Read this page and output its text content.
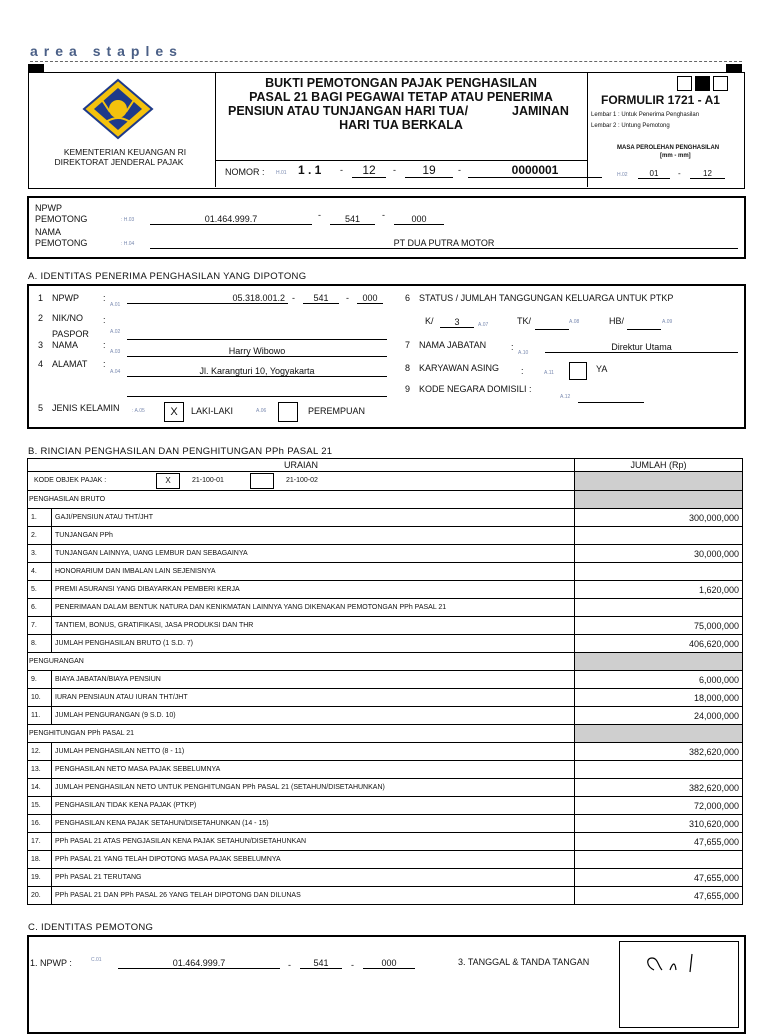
area staples
KEMENTERIAN KEUANGAN RI
DIREKTORAT JENDERAL PAJAK
BUKTI PEMOTONGAN PAJAK PENGHASILAN
PASAL 21 BAGI PEGAWAI TETAP ATAU PENERIMA
PENSIUN ATAU TUNJANGAN HARI TUA/	JAMINAN
HARI TUA BERKALA
NOMOR : H.01 1 . 1 -	12	-	19	-	0000001
FORMULIR 1721 - A1
Lembar 1 : Untuk Penerima Penghasilan
Lembar 2 : Untung Pemotong
MASA PEROLEHAN PENGHASILAN
[mm - mm]
H.02	01	-	12
NPWP
PEMOTONG	: H.03	01.464.999.7	-	541	-	000
NAMA
PEMOTONG	: H.04	PT DUA PUTRA MOTOR
A. IDENTITAS PENERIMA PENGHASILAN YANG DIPOTONG
1 NPWP	:
A.01
05.318.001.2 -	541	-	000
2 NIK/NO :
PASPOR	A.02
3 NAMA	:
A.03	Harry Wibowo
4 ALAMAT :
A.04	Jl. Karangturi 10, Yogyakarta
5 JENIS KELAMIN : A.05	X	LAKI-LAKI	A.06	PEREMPUAN
6 STATUS / JUMLAH TANGGUNGAN KELUARGA UNTUK PTKP
K/	3	A.07	TK/	A.08	HB/	A.09
7 NAMA JABATAN	:
A.10
Direktur Utama
8 KARYAWAN ASING :	A.11	YA
9 KODE NEGARA DOMISILI :
A.12
B. RINCIAN PENGHASILAN DAN PENGHITUNGAN PPh PASAL 21
URAIAN		JUMLAH (Rp)

KODE OBJEK PAJAK : X 21-100-01 21-100-02		

PENGHASILAN BRUTO		
1.	GAJI/PENSIUN ATAU THT/JHT	300,000,000
2.	TUNJANGAN PPh	
3.	TUNJANGAN LAINNYA, UANG LEMBUR DAN SEBAGAINYA	30,000,000
4.	HONORARIUM DAN IMBALAN LAIN SEJENISNYA	
5.	PREMI ASURANSI YANG DIBAYARKAN PEMBERI KERJA	1,620,000
6.	PENERIMAAN DALAM BENTUK NATURA DAN KENIKMATAN LAINNYA YANG DIKENAKAN PEMOTONGAN PPh PASAL 21	
7.	TANTIEM, BONUS, GRATIFIKASI, JASA PRODUKSI DAN THR	75,000,000
8.	JUMLAH PENGHASILAN BRUTO (1 S.D. 7)	406,620,000
PENGURANGAN		
9.	BIAYA JABATAN/BIAYA PENSIUN	6,000,000
10.	IURAN PENSIAUN ATAU IURAN THT/JHT	18,000,000
11.	JUMLAH PENGURANGAN (9 S.D. 10)	24,000,000
PENGHITUNGAN PPh PASAL 21		
12.	JUMLAH PENGHASILAN NETTO (8 - 11)	382,620,000
13.	PENGHASILAN NETO MASA PAJAK SEBELUMNYA	
14.	JUMLAH PENGHASILAN NETO UNTUK PENGHITUNGAN PPh PASAL 21 (SETAHUN/DISETAHUNKAN)	382,620,000
15.	PENGHASILAN TIDAK KENA PAJAK (PTKP)	72,000,000
16.	PENGHASILAN KENA PAJAK SETAHUN/DISETAHUNKAN (14 - 15)	310,620,000
17.	PPh PASAL 21 ATAS PENGJASILAN KENA PAJAK SETAHUN/DISETAHUNKAN	47,655,000
18.	PPh PASAL 21 YANG TELAH DIPOTONG MASA PAJAK SEBELUMNYA	
19.	PPh PASAL 21 TERUTANG	47,655,000
20.	PPh PASAL 21 DAN PPh PASAL 26 YANG TELAH DIPOTONG DAN DILUNAS	47,655,000
C. IDENTITAS PEMOTONG
1. NPWP :	C.01	01.464.999.7	-	541	-	000	3. TANGGAL & TANDA TANGAN
